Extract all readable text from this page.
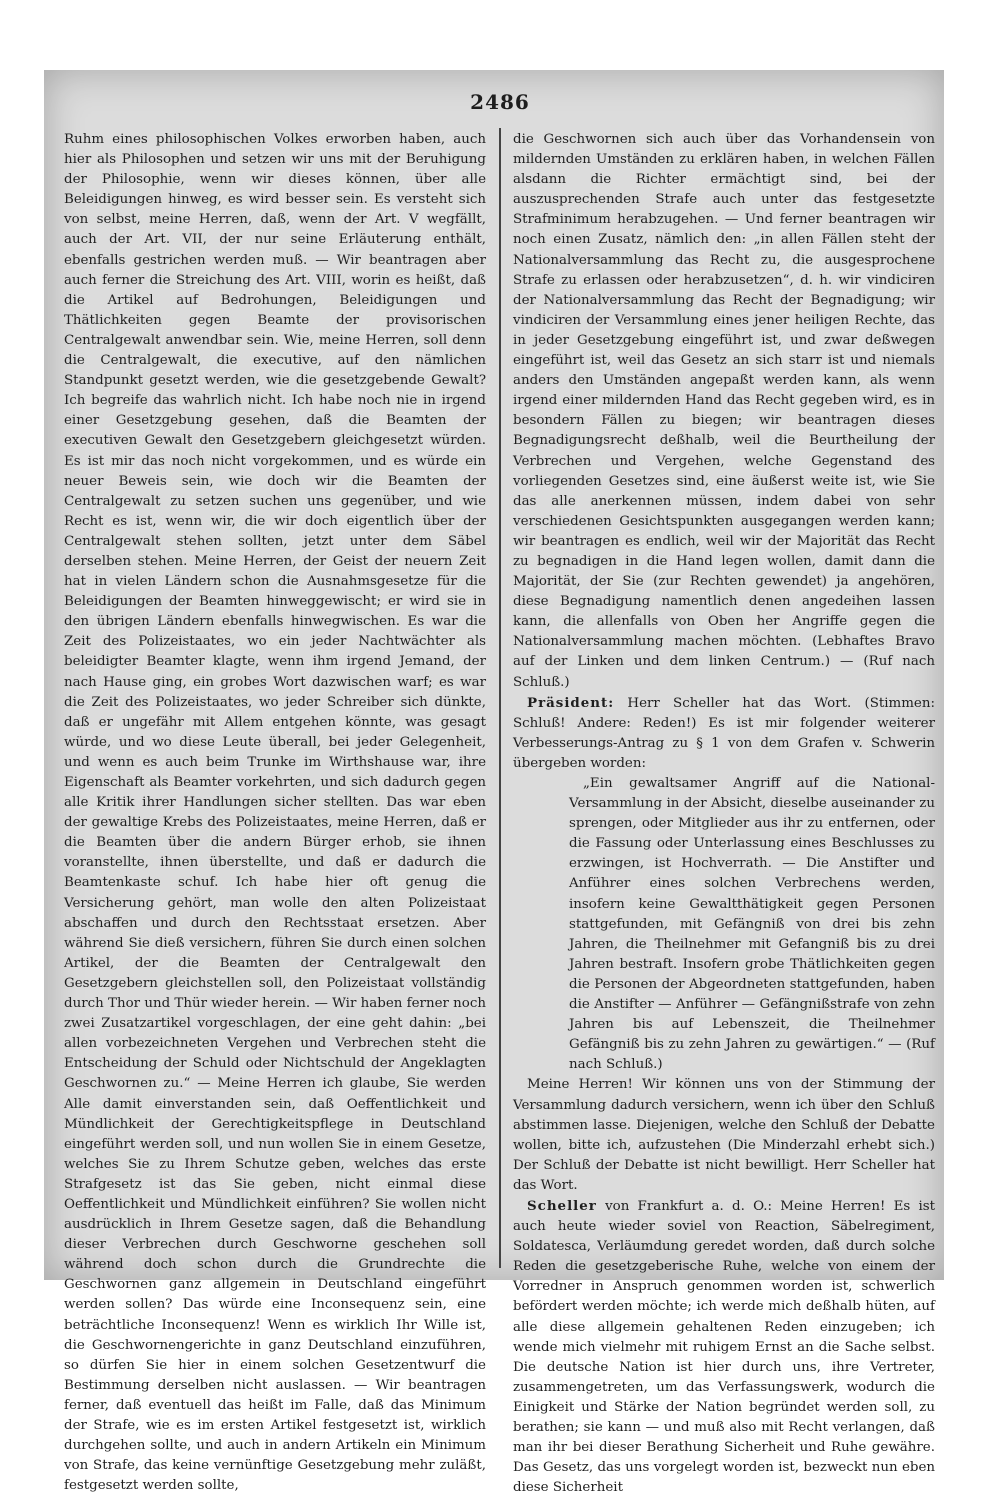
2486

Ruhm eines philosophischen Volkes erworben haben, auch hier als Philosophen und setzen wir uns mit der Beruhigung der Philosophie, wenn wir dieses können, über alle Beleidigungen hinweg, es wird besser sein. Es versteht sich von selbst, meine Herren, daß, wenn der Art. V wegfällt, auch der Art. VII, der nur seine Erläuterung enthält, ebenfalls gestrichen werden muß. — Wir beantragen aber auch ferner die Streichung des Art. VIII, worin es heißt, daß die Artikel auf Bedrohungen, Beleidigungen und Thätlichkeiten gegen Beamte der provisorischen Centralgewalt anwendbar sein. Wie, meine Herren, soll denn die Centralgewalt, die executive, auf den nämlichen Standpunkt gesetzt werden, wie die gesetzgebende Gewalt? Ich begreife das wahrlich nicht. Ich habe noch nie in irgend einer Gesetzgebung gesehen, daß die Beamten der executiven Gewalt den Gesetzgebern gleichgesetzt würden. Es ist mir das noch nicht vorgekommen, und es würde ein neuer Beweis sein, wie doch wir die Beamten der Centralgewalt zu setzen suchen uns gegenüber, und wie Recht es ist, wenn wir, die wir doch eigentlich über der Centralgewalt stehen sollten, jetzt unter dem Säbel derselben stehen. Meine Herren, der Geist der neuern Zeit hat in vielen Ländern schon die Ausnahmsgesetze für die Beleidigungen der Beamten hinweggewischt; er wird sie in den übrigen Ländern ebenfalls hinwegwischen. Es war die Zeit des Polizeistaates, wo ein jeder Nachtwächter als beleidigter Beamter klagte, wenn ihm irgend Jemand, der nach Hause ging, ein grobes Wort dazwischen warf; es war die Zeit des Polizeistaates, wo jeder Schreiber sich dünkte, daß er ungefähr mit Allem entgehen könnte, was gesagt würde, und wo diese Leute überall, bei jeder Gelegenheit, und wenn es auch beim Trunke im Wirthshause war, ihre Eigenschaft als Beamter vorkehrten, und sich dadurch gegen alle Kritik ihrer Handlungen sicher stellten. Das war eben der gewaltige Krebs des Polizeistaates, meine Herren, daß er die Beamten über die andern Bürger erhob, sie ihnen voranstellte, ihnen überstellte, und daß er dadurch die Beamtenkaste schuf. Ich habe hier oft genug die Versicherung gehört, man wolle den alten Polizeistaat abschaffen und durch den Rechtsstaat ersetzen. Aber während Sie dieß versichern, führen Sie durch einen solchen Artikel, der die Beamten der Centralgewalt den Gesetzgebern gleichstellen soll, den Polizeistaat vollständig durch Thor und Thür wieder herein. — Wir haben ferner noch zwei Zusatzartikel vorgeschlagen, der eine geht dahin: „bei allen vorbezeichneten Vergehen und Verbrechen steht die Entscheidung der Schuld oder Nichtschuld der Angeklagten Geschwornen zu.“ — Meine Herren ich glaube, Sie werden Alle damit einverstanden sein, daß Oeffentlichkeit und Mündlichkeit der Gerechtigkeitspflege in Deutschland eingeführt werden soll, und nun wollen Sie in einem Gesetze, welches Sie zu Ihrem Schutze geben, welches das erste Strafgesetz ist das Sie geben, nicht einmal diese Oeffentlichkeit und Mündlichkeit einführen? Sie wollen nicht ausdrücklich in Ihrem Gesetze sagen, daß die Behandlung dieser Verbrechen durch Geschworne geschehen soll während doch schon durch die Grundrechte die Geschwornen ganz allgemein in Deutschland eingeführt werden sollen? Das würde eine Inconsequenz sein, eine beträchtliche Inconsequenz! Wenn es wirklich Ihr Wille ist, die Geschwornengerichte in ganz Deutschland einzuführen, so dürfen Sie hier in einem solchen Gesetzentwurf die Bestimmung derselben nicht auslassen. — Wir beantragen ferner, daß eventuell das heißt im Falle, daß das Minimum der Strafe, wie es im ersten Artikel festgesetzt ist, wirklich durchgehen sollte, und auch in andern Artikeln ein Minimum von Strafe, das keine vernünftige Gesetzgebung mehr zuläßt, festgesetzt werden sollte,

die Geschwornen sich auch über das Vorhandensein von mildernden Umständen zu erklären haben, in welchen Fällen alsdann die Richter ermächtigt sind, bei der auszusprechenden Strafe auch unter das festgesetzte Strafminimum herabzugehen. — Und ferner beantragen wir noch einen Zusatz, nämlich den: „in allen Fällen steht der Nationalversammlung das Recht zu, die ausgesprochene Strafe zu erlassen oder herabzusetzen“, d. h. wir vindiciren der Nationalversammlung das Recht der Begnadigung; wir vindiciren der Versammlung eines jener heiligen Rechte, das in jeder Gesetzgebung eingeführt ist, und zwar deßwegen eingeführt ist, weil das Gesetz an sich starr ist und niemals anders den Umständen angepaßt werden kann, als wenn irgend einer mildernden Hand das Recht gegeben wird, es in besondern Fällen zu biegen; wir beantragen dieses Begnadigungsrecht deßhalb, weil die Beurtheilung der Verbrechen und Vergehen, welche Gegenstand des vorliegenden Gesetzes sind, eine äußerst weite ist, wie Sie das alle anerkennen müssen, indem dabei von sehr verschiedenen Gesichtspunkten ausgegangen werden kann; wir beantragen es endlich, weil wir der Majorität das Recht zu begnadigen in die Hand legen wollen, damit dann die Majorität, der Sie (zur Rechten gewendet) ja angehören, diese Begnadigung namentlich denen angedeihen lassen kann, die allenfalls von Oben her Angriffe gegen die Nationalversammlung machen möchten. (Lebhaftes Bravo auf der Linken und dem linken Centrum.) — (Ruf nach Schluß.)

Präsident: Herr Scheller hat das Wort. (Stimmen: Schluß! Andere: Reden!) Es ist mir folgender weiterer Verbesserungs-Antrag zu § 1 von dem Grafen v. Schwerin übergeben worden:

„Ein gewaltsamer Angriff auf die National-Versammlung in der Absicht, dieselbe auseinander zu sprengen, oder Mitglieder aus ihr zu entfernen, oder die Fassung oder Unterlassung eines Beschlusses zu erzwingen, ist Hochverrath. — Die Anstifter und Anführer eines solchen Verbrechens werden, insofern keine Gewaltthätigkeit gegen Personen stattgefunden, mit Gefängniß von drei bis zehn Jahren, die Theilnehmer mit Gefangniß bis zu drei Jahren bestraft. Insofern grobe Thätlichkeiten gegen die Personen der Abgeordneten stattgefunden, haben die Anstifter — Anführer — Gefängnißstrafe von zehn Jahren bis auf Lebenszeit, die Theilnehmer Gefängniß bis zu zehn Jahren zu gewärtigen.“ — (Ruf nach Schluß.)

Meine Herren! Wir können uns von der Stimmung der Versammlung dadurch versichern, wenn ich über den Schluß abstimmen lasse. Diejenigen, welche den Schluß der Debatte wollen, bitte ich, aufzustehen (Die Minderzahl erhebt sich.) Der Schluß der Debatte ist nicht bewilligt. Herr Scheller hat das Wort.

Scheller von Frankfurt a. d. O.: Meine Herren! Es ist auch heute wieder soviel von Reaction, Säbelregiment, Soldatesca, Verläumdung geredet worden, daß durch solche Reden die gesetzgeberische Ruhe, welche von einem der Vorredner in Anspruch genommen worden ist, schwerlich befördert werden möchte; ich werde mich deßhalb hüten, auf alle diese allgemein gehaltenen Reden einzugeben; ich wende mich vielmehr mit ruhigem Ernst an die Sache selbst. Die deutsche Nation ist hier durch uns, ihre Vertreter, zusammengetreten, um das Verfassungswerk, wodurch die Einigkeit und Stärke der Nation begründet werden soll, zu berathen; sie kann — und muß also mit Recht verlangen, daß man ihr bei dieser Berathung Sicherheit und Ruhe gewähre. Das Gesetz, das uns vorgelegt worden ist, bezweckt nun eben diese Sicherheit
